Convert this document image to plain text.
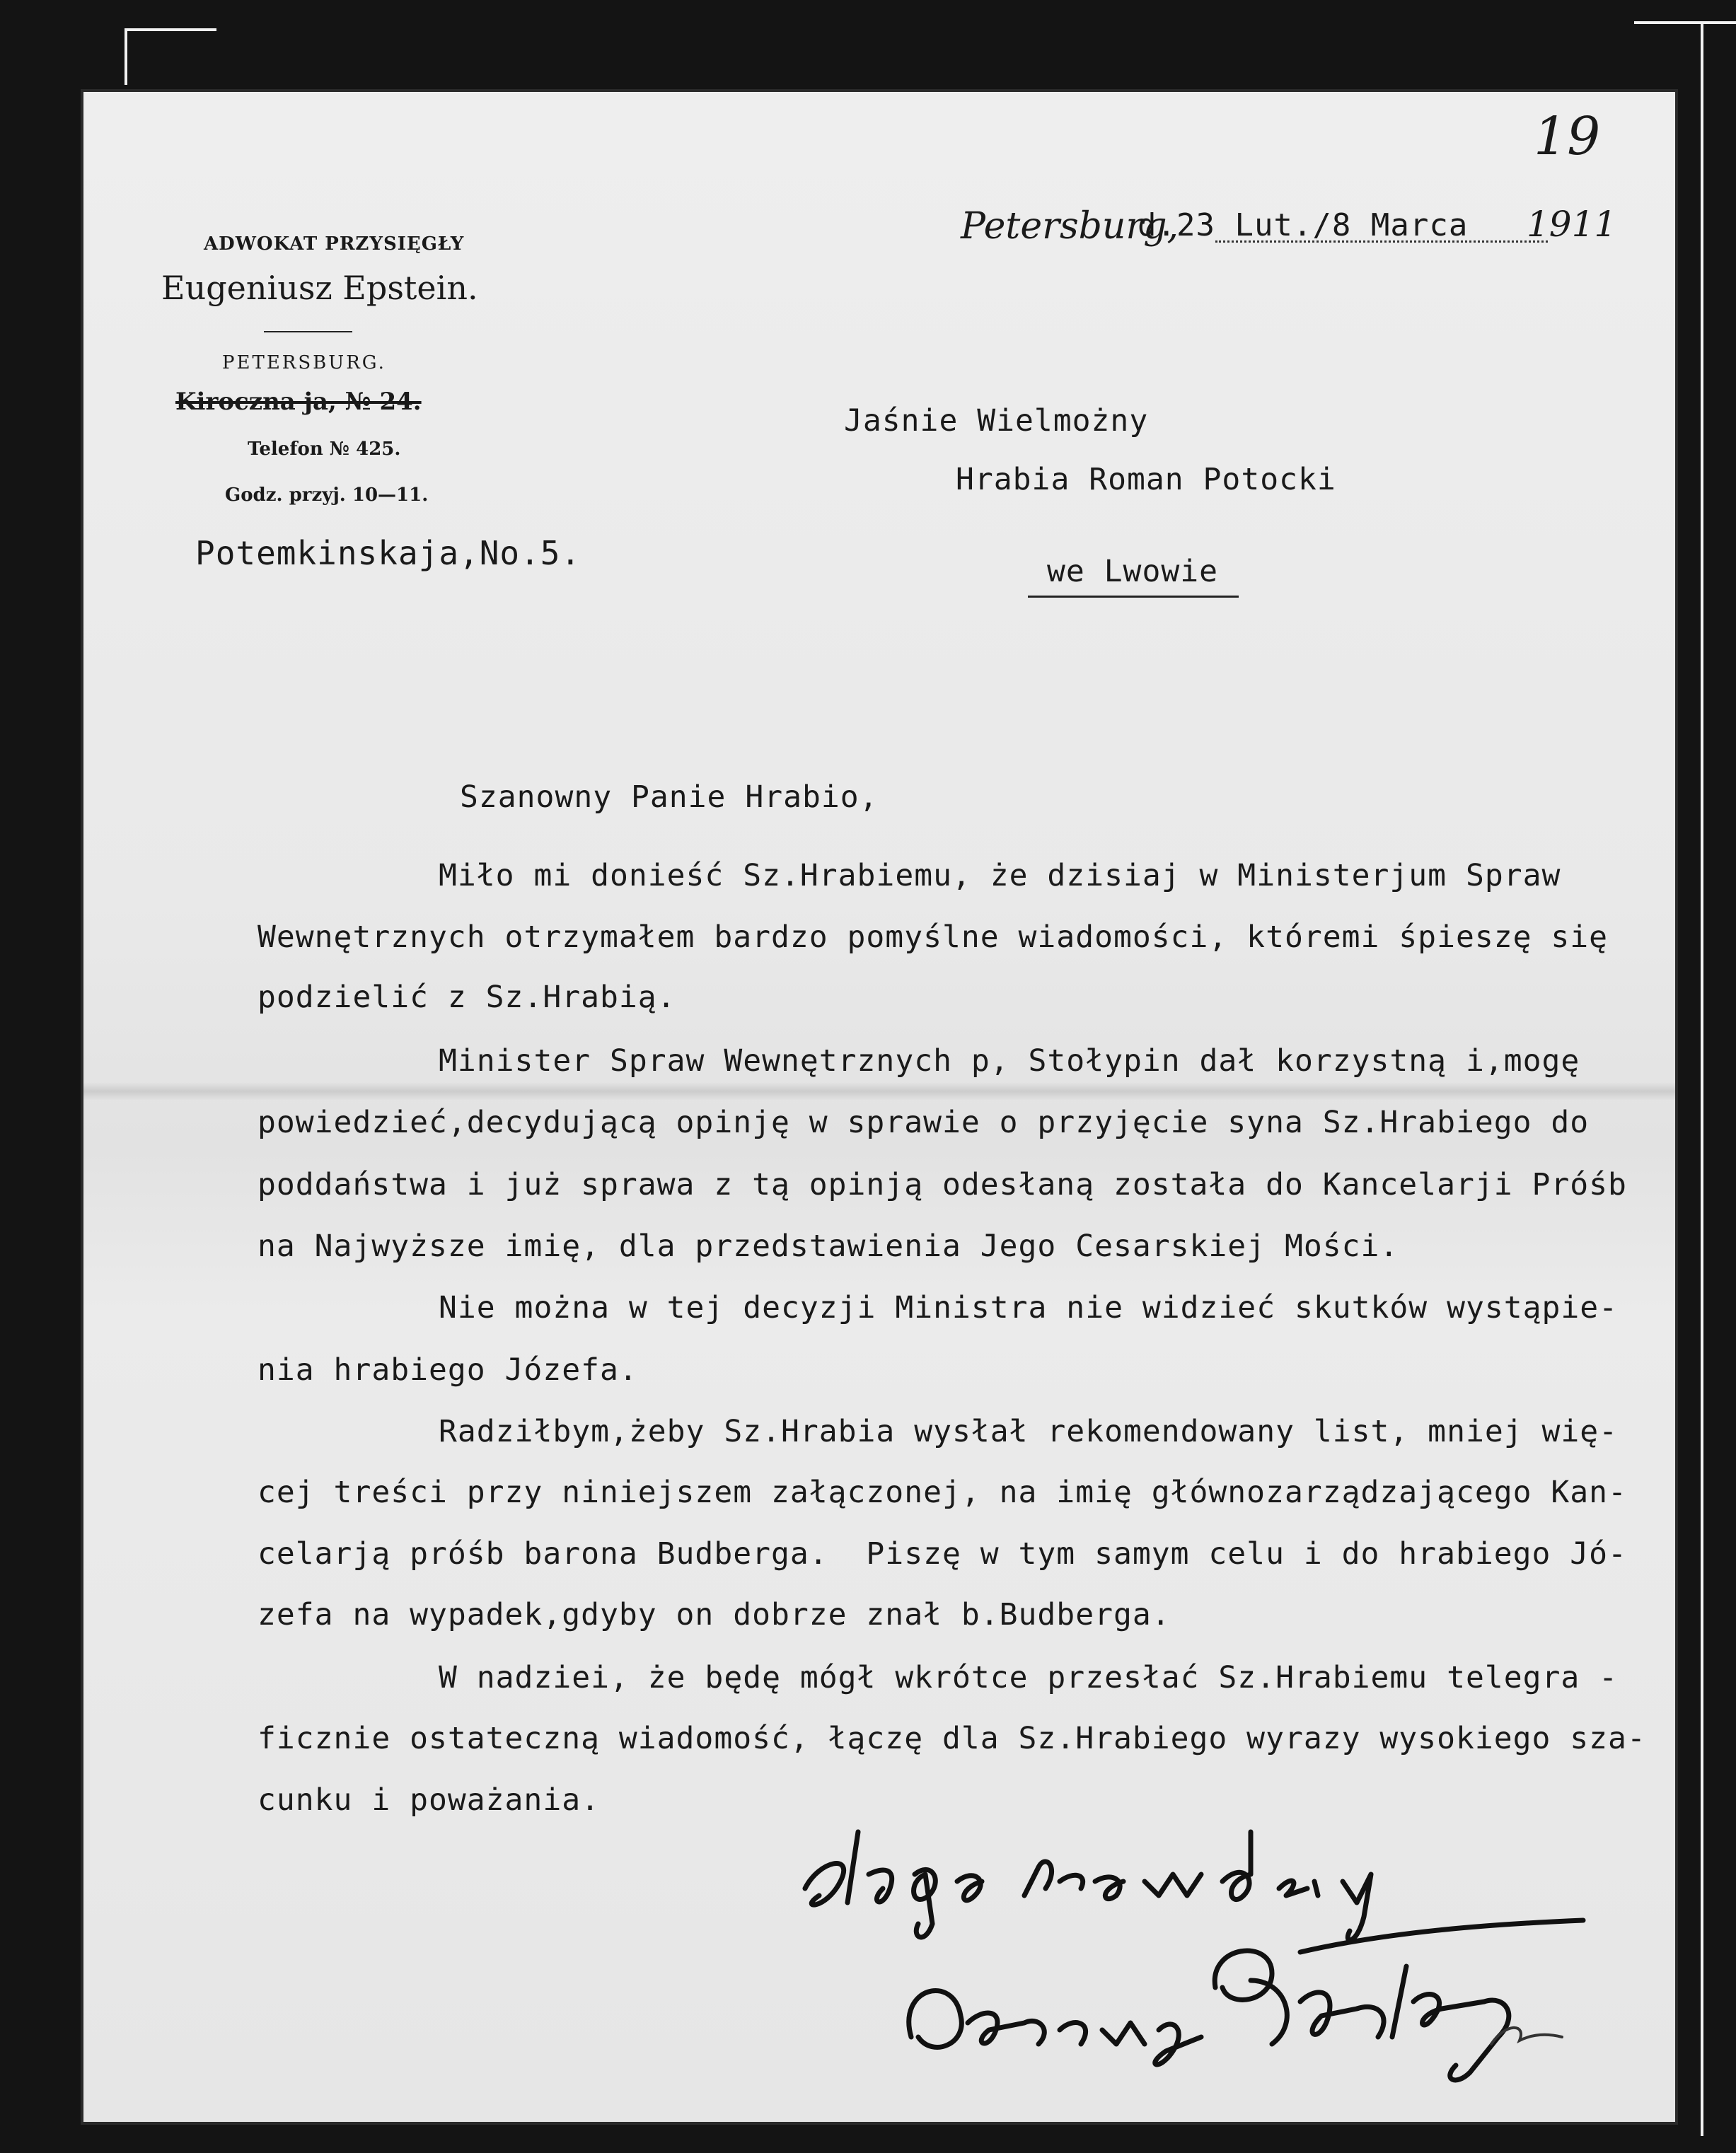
19
ADWOKAT PRZYSIĘGŁY
Eugeniusz Epstein.
PETERSBURG.
Kiroczna ja, № 24.
Telefon № 425.
Godz. przyj. 10—11.
Potemkinskaja,No.5.
Petersburg,
d.23 Lut./8 Marca 1911
Jaśnie Wielmożny
Hrabia Roman Potocki
we Lwowie
Szanowny Panie Hrabio,
Miło mi donieść Sz.Hrabiemu, że dzisiaj w Ministerjum Spraw
Wewnętrznych otrzymałem bardzo pomyślne wiadomości, któremi śpieszę się
podzielić z Sz.Hrabią.
Minister Spraw Wewnętrznych p, Stołypin dał korzystną i,mogę
powiedzieć,decydującą opinję w sprawie o przyjęcie syna Sz.Hrabiego do
poddaństwa i już sprawa z tą opinją odesłaną została do Kancelarji Próśb
na Najwyższe imię, dla przedstawienia Jego Cesarskiej Mości.
Nie można w tej decyzji Ministra nie widzieć skutków wystąpie-
nia hrabiego Józefa.
Radziłbym,żeby Sz.Hrabia wysłał rekomendowany list, mniej wię-
cej treści przy niniejszem załączonej, na imię głównozarządzającego Kan-
celarją próśb barona Budberga.  Piszę w tym samym celu i do hrabiego Jó-
zefa na wypadek,gdyby on dobrze znał b.Budberga.
W nadziei, że będę mógł wkrótce przesłać Sz.Hrabiemu telegra -
ficznie ostateczną wiadomość, łączę dla Sz.Hrabiego wyrazy wysokiego sza-
cunku i poważania.
